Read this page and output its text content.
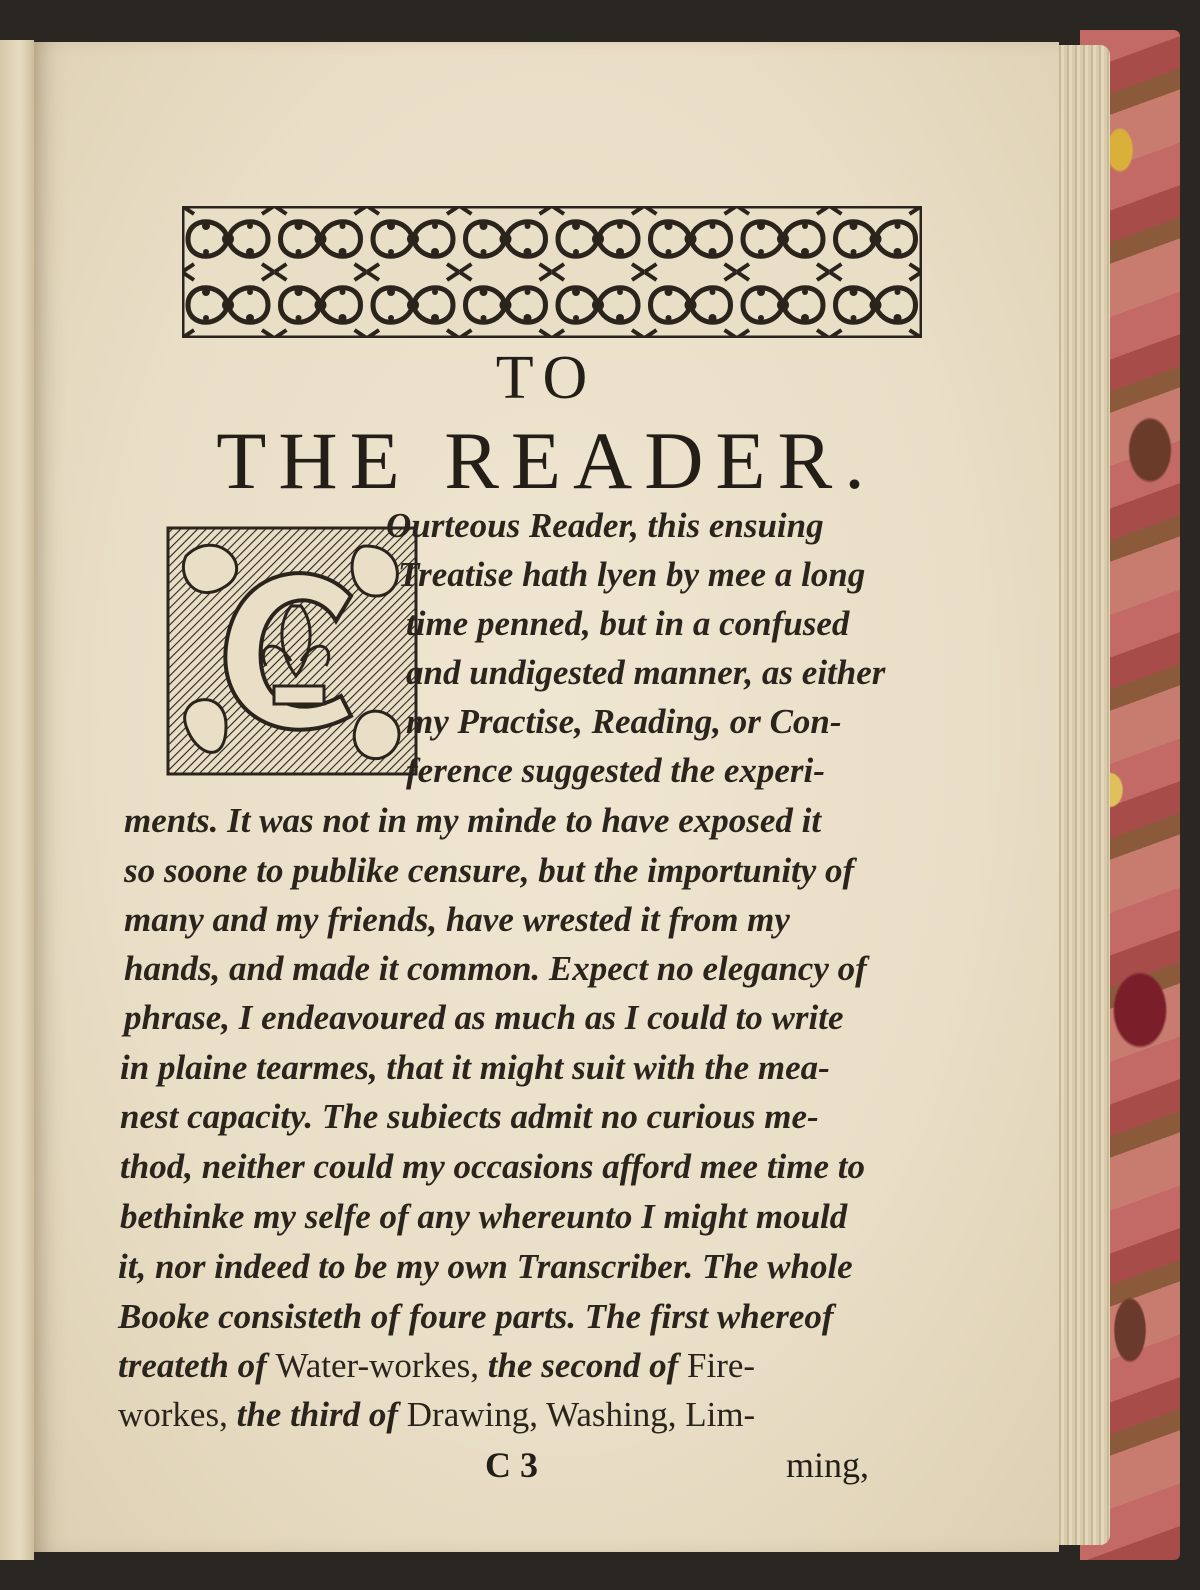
TO
THE READER.

Ourteous Reader, this ensuing

Treatise hath lyen by mee a long

time penned, but in a confused

and undigested manner, as either

my Practise, Reading, or Con-

ference suggested the experi-

ments. It was not in my minde to have exposed it

so soone to publike censure, but the importunity of

many and my friends, have wrested it from my

hands, and made it common. Expect no elegancy of

phrase, I endeavoured as much as I could to write

in plaine tearmes, that it might suit with the mea-

nest capacity. The subiects admit no curious me-

thod, neither could my occasions afford mee time to

bethinke my selfe of any whereunto I might mould

it, nor indeed to be my own Transcriber. The whole

Booke consisteth of foure parts. The first whereof

treateth of Water-workes, the second of Fire-

workes, the third of Drawing, Washing, Lim-

C 3	ming,
